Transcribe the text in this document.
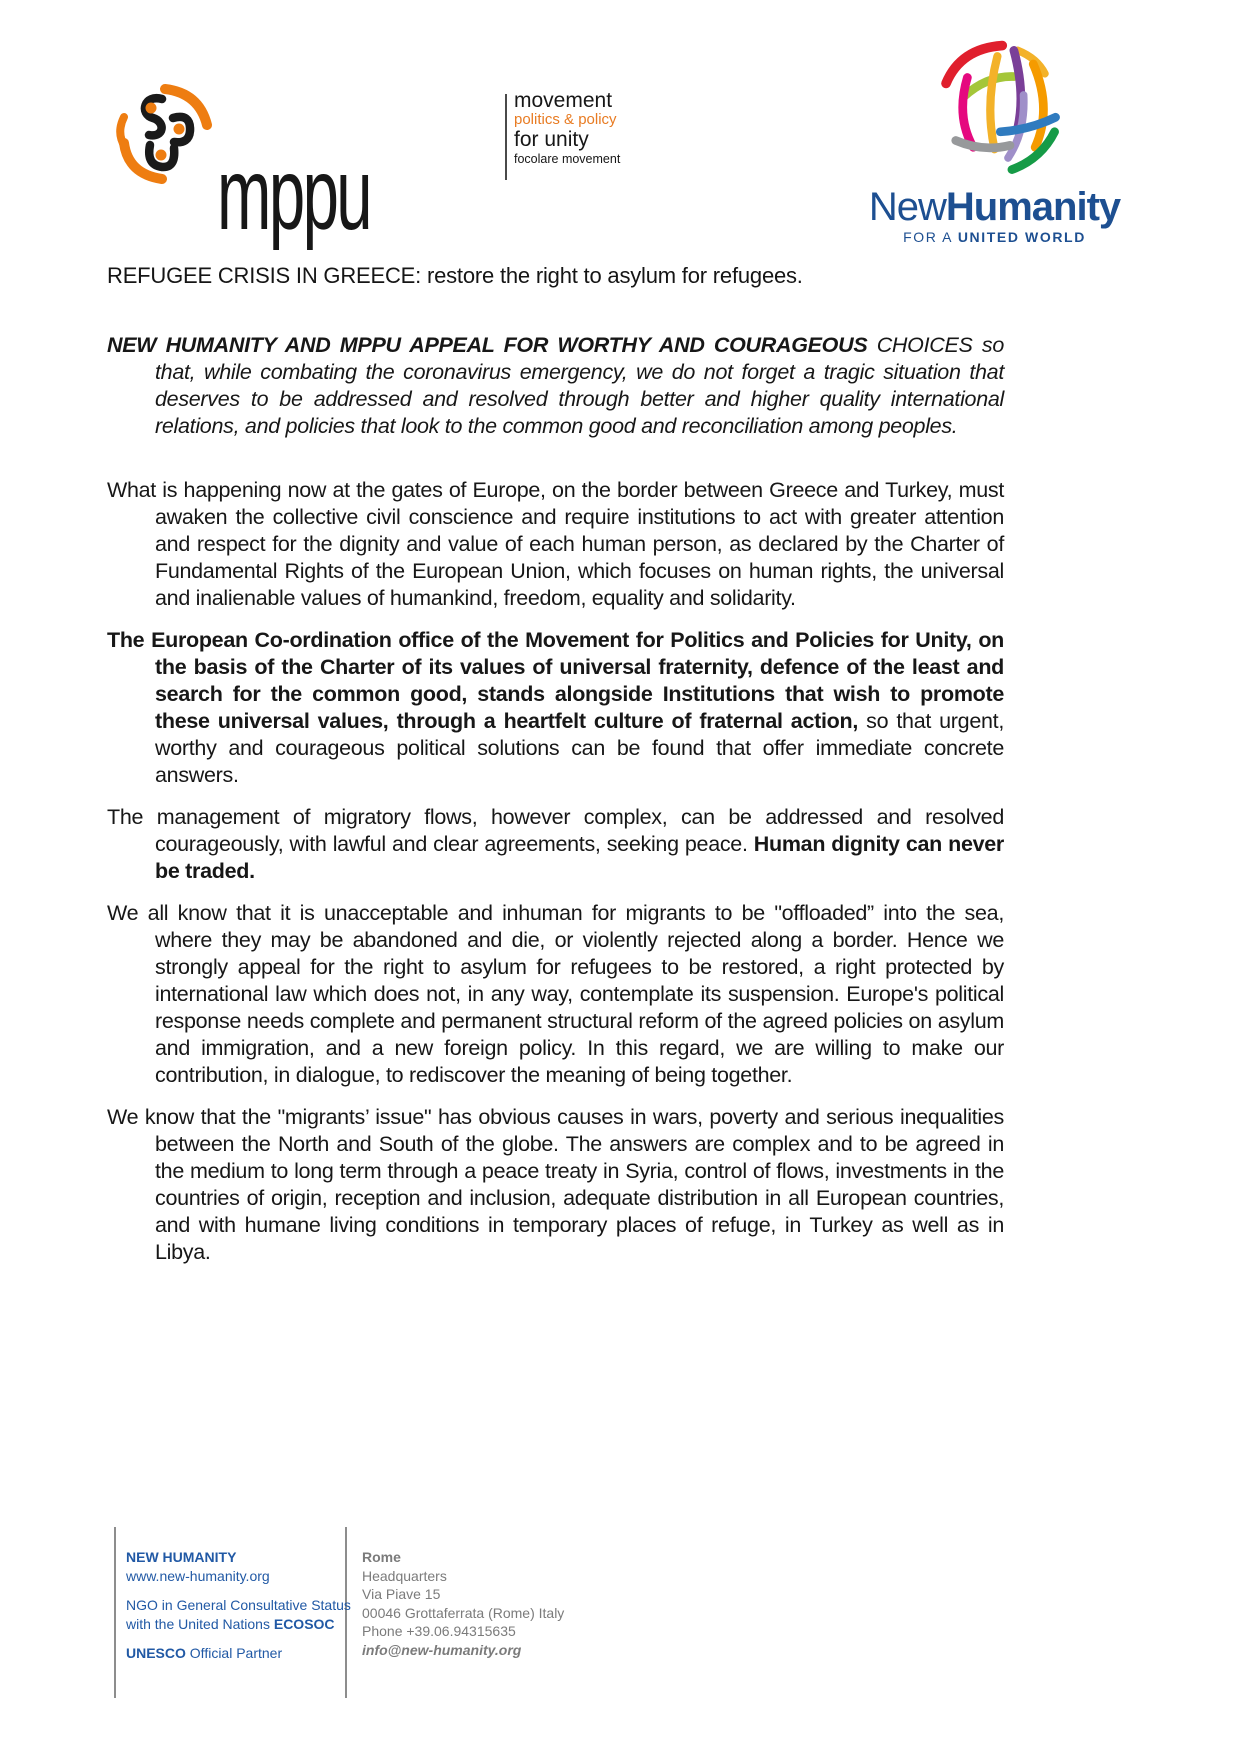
mppu
movement
politics & policy
for unity
focolare movement
NewHumanity
FOR A UNITED WORLD
REFUGEE CRISIS IN GREECE: restore the right to asylum for refugees.

NEW HUMANITY AND MPPU APPEAL FOR WORTHY AND COURAGEOUS CHOICES so that, while combating the coronavirus emergency, we do not forget a tragic situation that deserves to be addressed and resolved through better and higher quality international relations, and policies that look to the common good and reconciliation among peoples.

What is happening now at the gates of Europe, on the border between Greece and Turkey, must awaken the collective civil conscience and require institutions to act with greater attention and respect for the dignity and value of each human person, as declared by the Charter of Fundamental Rights of the European Union, which focuses on human rights, the universal and inalienable values of humankind, freedom, equality and solidarity.

The European Co-ordination office of the Movement for Politics and Policies for Unity, on the basis of the Charter of its values of universal fraternity, defence of the least and search for the common good, stands alongside Institutions that wish to promote these universal values, through a heartfelt culture of fraternal action, so that urgent, worthy and courageous political solutions can be found that offer immediate concrete answers.

The management of migratory flows, however complex, can be addressed and resolved courageously, with lawful and clear agreements, seeking peace. Human dignity can never be traded.

We all know that it is unacceptable and inhuman for migrants to be "offloaded” into the sea, where they may be abandoned and die, or violently rejected along a border. Hence we strongly appeal for the right to asylum for refugees to be restored, a right protected by international law which does not, in any way, contemplate its suspension. Europe's political response needs complete and permanent structural reform of the agreed policies on asylum and immigration, and a new foreign policy. In this regard, we are willing to make our contribution, in dialogue, to rediscover the meaning of being together.

We know that the "migrants’ issue" has obvious causes in wars, poverty and serious inequalities between the North and South of the globe. The answers are complex and to be agreed in the medium to long term through a peace treaty in Syria, control of flows, investments in the countries of origin, reception and inclusion, adequate distribution in all European countries, and with humane living conditions in temporary places of refuge, in Turkey as well as in Libya.

NEW HUMANITY
www.new-humanity.org
NGO in General Consultative Status
with the United Nations ECOSOC
UNESCO Official Partner
Rome
Headquarters
Via Piave 15
00046 Grottaferrata (Rome) Italy
Phone +39.06.94315635
info@new-humanity.org
